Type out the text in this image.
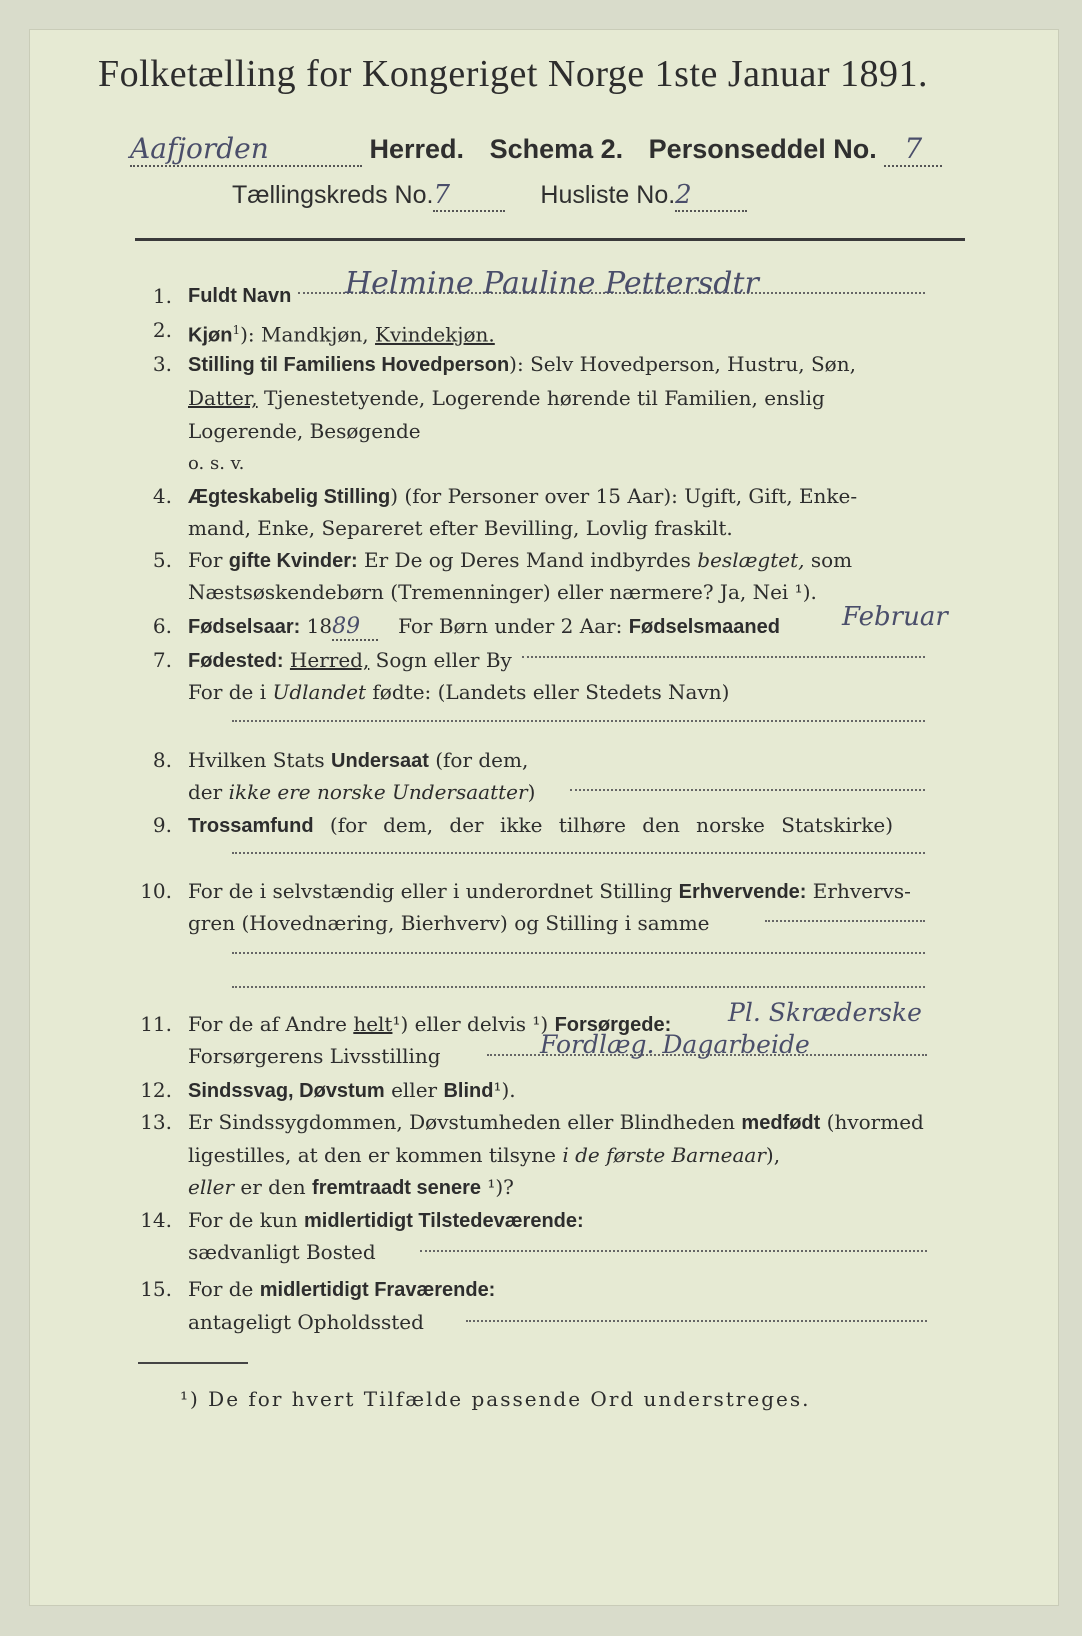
Folketælling for Kongeriget Norge 1ste Januar 1891.
Aafjorden	Herred. Schema 2. Personseddel No. 7
Tællingskreds No.7	Husliste No.2
1. Fuldt Navn Helmine Pauline Pettersdtr
2. Kjøn$^1$): Mandkjøn, Kvindekjøn.
3. Stilling til Familiens Hovedperson): Selv Hovedperson, Hustru, Søn,
Datter, Tjenestetyende, Logerende hørende til Familien, enslig
Logerende, Besøgende
o. s. v.
4. Ægteskabelig Stilling) (for Personer over 15 Aar): Ugift, Gift, Enke-
mand, Enke, Separeret efter Bevilling, Lovlig fraskilt.
5. For gifte Kvinder: Er De og Deres Mand indbyrdes beslægtet, som
Næstsøskendebørn (Tremenninger) eller nærmere? Ja, Nei ¹).
6. Fødselsaar: 1889 For Børn under 2 Aar: Fødselsmaaned Februar
7. Fødested: Herred, Sogn eller By
For de i Udlandet fødte: (Landets eller Stedets Navn)
8. Hvilken Stats Undersaat (for dem,
der ikke ere norske Undersaatter)
9. Trossamfund (for dem, der ikke tilhøre den norske Statskirke)
10. For de i selvstændig eller i underordnet Stilling Erhvervende: Erhvervs-
gren (Hovednæring, Bierhverv) og Stilling i samme
11. For de af Andre helt¹) eller delvis ¹) Forsørgede: Pl. Skræderske
Forsørgerens Livsstilling	Fordlæg. Dagarbeide
12. Sindssvag, Døvstum eller Blind¹).
13. Er Sindssygdommen, Døvstumheden eller Blindheden medfødt (hvormed
ligestilles, at den er kommen tilsyne i de første Barneaar),
eller er den fremtraadt senere ¹)?
14. For de kun midlertidigt Tilstedeværende:
sædvanligt Bosted
15. For de midlertidigt Fraværende:
antageligt Opholdssted
¹) De for hvert Tilfælde passende Ord understreges.
